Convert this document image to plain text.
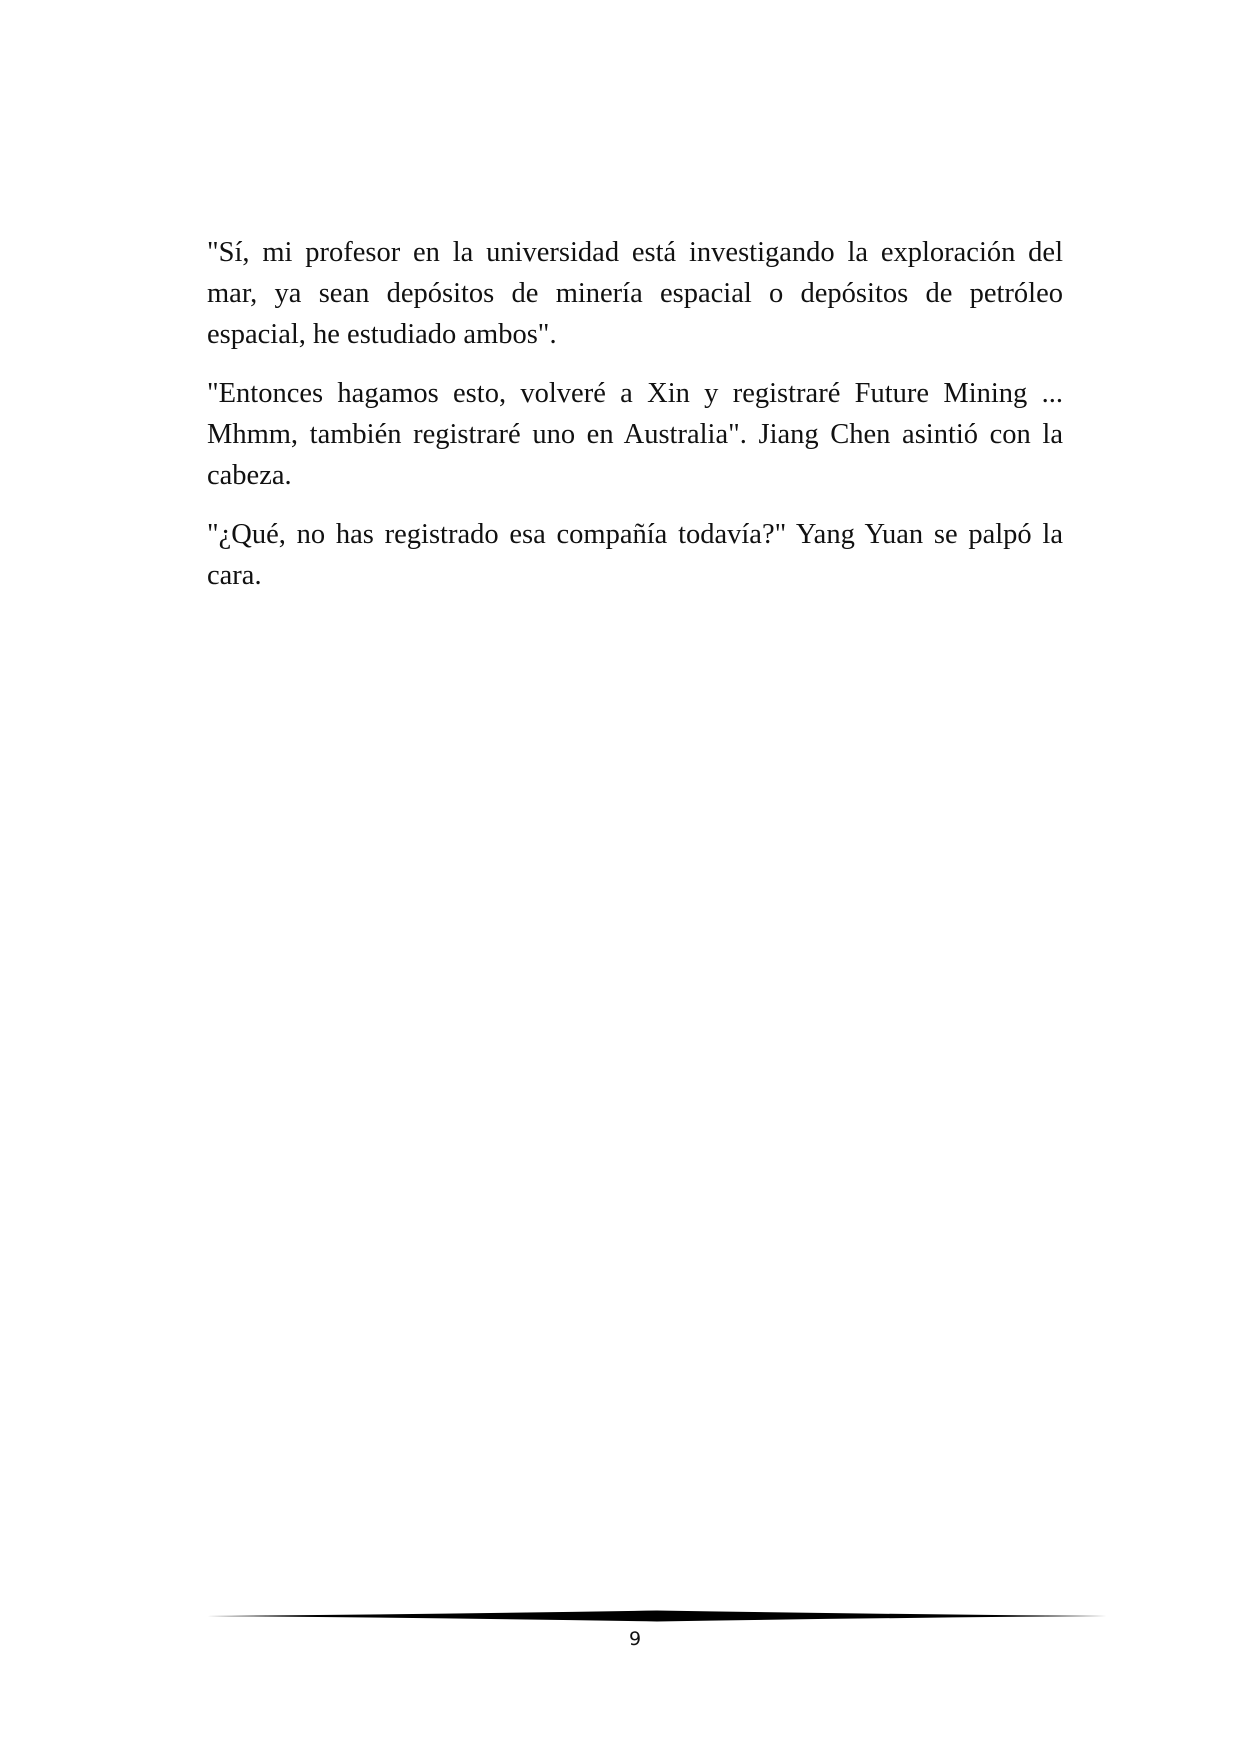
"Sí, mi profesor en la universidad está investigando la exploración del mar, ya sean depósitos de minería espacial o depósitos de petróleo espacial, he estudiado ambos".

"Entonces hagamos esto, volveré a Xin y registraré Future Mining ... Mhmm, también registraré uno en Australia". Jiang Chen asintió con la cabeza.

"¿Qué, no has registrado esa compañía todavía?" Yang Yuan se palpó la cara.

9
